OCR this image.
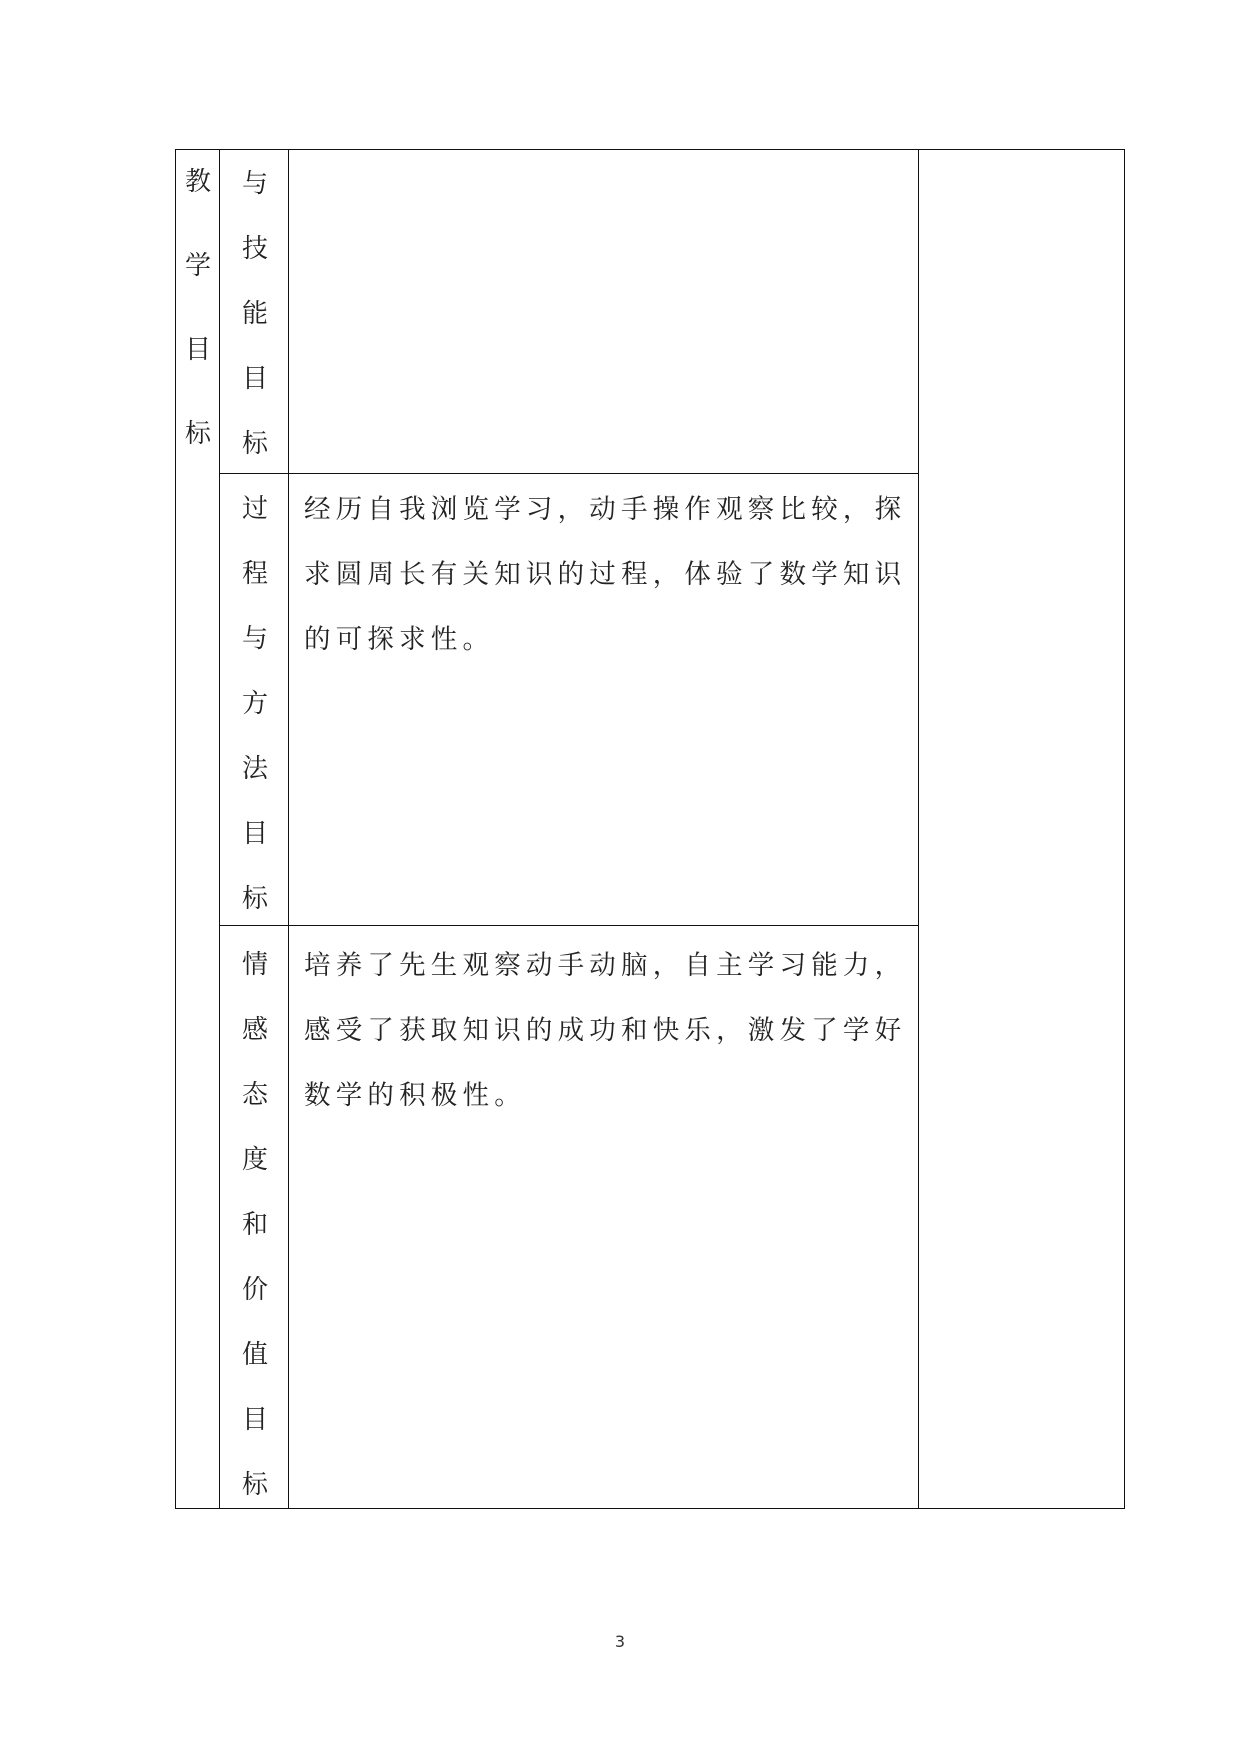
教
学
目
标
与
技
能
目
标
过
程
与
方
法
目
标
经历自我浏览学习，动手操作观察比较，探求圆周长有关知识的过程，体验了数学知识的可探求性。
情
感
态
度
和
价
值
目
标
培养了先生观察动手动脑，自主学习能力，感受了获取知识的成功和快乐，激发了学好数学的积极性。
3
